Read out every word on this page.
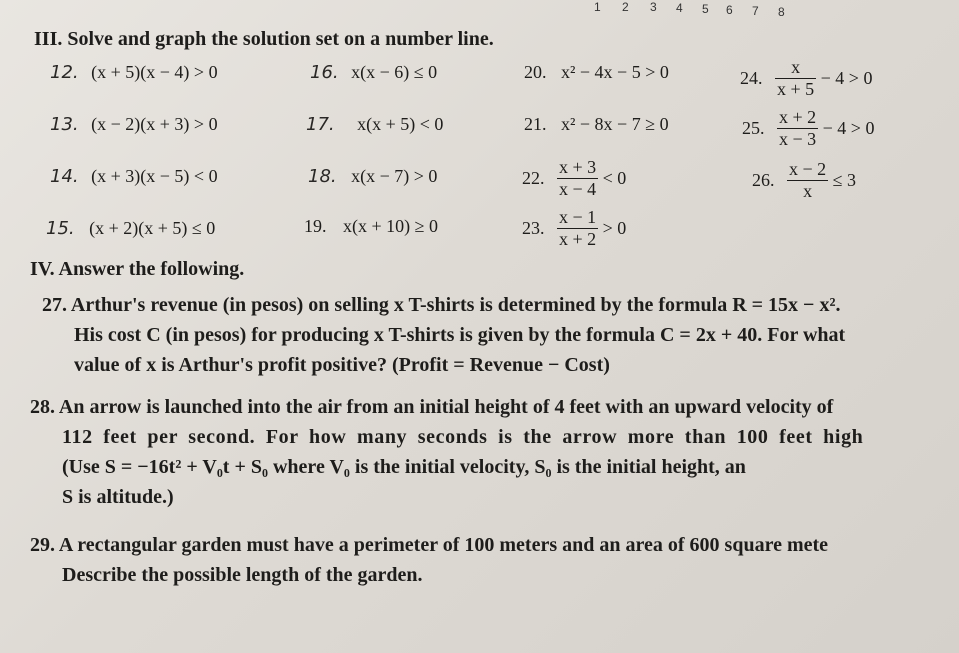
1 2 3 4 5 6 7 8
III. Solve and graph the solution set on a number line.
12. (x + 5)(x − 4) > 0	16. x(x − 6) ≤ 0	20. x² − 4x − 5 > 0	24. $\frac{x}{x + 5} - 4 > 0$
13. (x − 2)(x + 3) > 0	17. x(x + 5) < 0	21. x² − 8x − 7 ≥ 0	25. $\frac{x + 2}{x - 3} - 4 > 0$
14. (x + 3)(x − 5) < 0	18. x(x − 7) > 0	22. $\frac{x + 3}{x - 4} < 0$	26. $\frac{x - 2}{x} \le 3$
15. (x + 2)(x + 5) ≤ 0	19. x(x + 10) ≥ 0	23. $\frac{x - 1}{x + 2} > 0$
IV. Answer the following.
27. Arthur's revenue (in pesos) on selling x T-shirts is determined by the formula R = 15x − x².
His cost C (in pesos) for producing x T-shirts is given by the formula C = 2x + 40. For what
value of x is Arthur's profit positive? (Profit = Revenue − Cost)
28. An arrow is launched into the air from an initial height of 4 feet with an upward velocity of
112 feet per second. For how many seconds is the arrow more than 100 feet high
(Use S = −16t² + V₀t + S₀ where V₀ is the initial velocity, S₀ is the initial height, an
S is altitude.)
29. A rectangular garden must have a perimeter of 100 meters and an area of 600 square mete
Describe the possible length of the garden.
